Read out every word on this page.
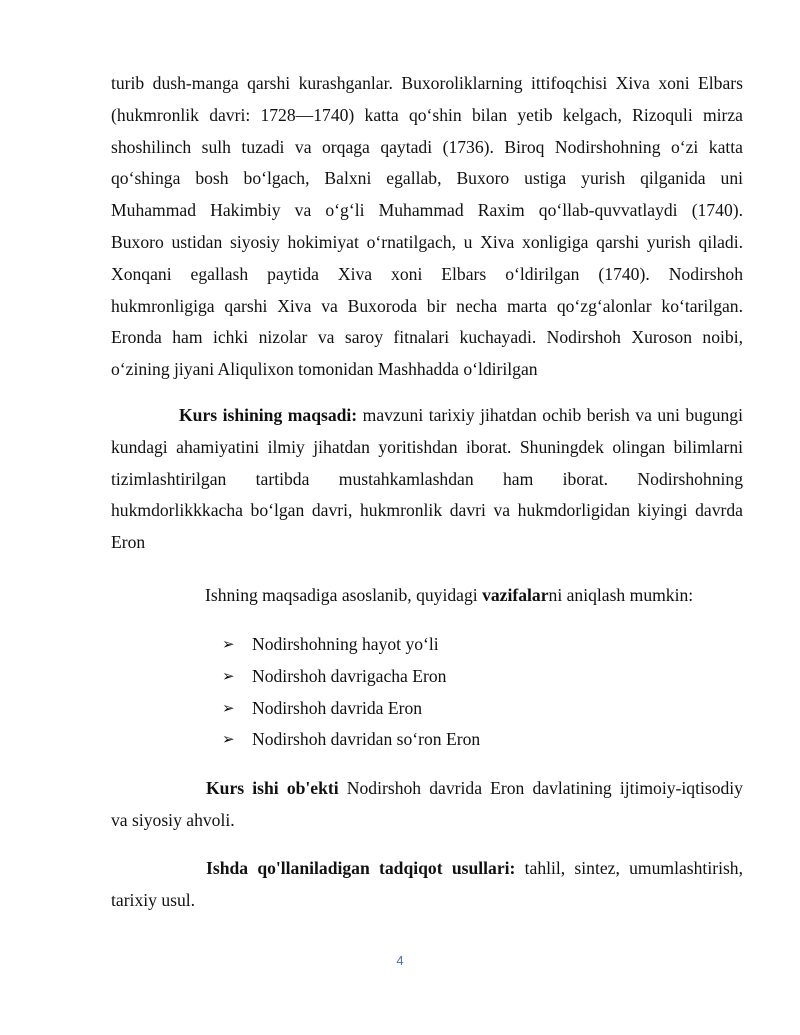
turib dush-manga qarshi kurashganlar. Buxoroliklarning ittifoqchisi Xiva xoni Elbars
(hukmronlik davri: 1728—1740) katta qo‘shin bilan yetib kelgach, Rizoquli mirza
shoshilinch sulh tuzadi va orqaga qaytadi (1736). Biroq Nodirshohning o‘zi katta
qo‘shinga bosh bo‘lgach, Balxni egallab, Buxoro ustiga yurish qilganida uni
Muhammad Hakimbiy va o‘g‘li Muhammad Raxim qo‘llab-quvvatlaydi (1740).
Buxoro ustidan siyosiy hokimiyat o‘rnatilgach, u Xiva xonligiga qarshi yurish qiladi.
Xonqani egallash paytida Xiva xoni Elbars o‘ldirilgan (1740). Nodirshoh
hukmronligiga qarshi Xiva va Buxoroda bir necha marta qo‘zg‘alonlar ko‘tarilgan.
Eronda ham ichki nizolar va saroy fitnalari kuchayadi. Nodirshoh Xuroson noibi,
o‘zining jiyani Aliqulixon tomonidan Mashhadda o‘ldirilgan
Kurs ishining maqsadi: mavzuni tarixiy jihatdan ochib berish va uni bugungi
kundagi ahamiyatini ilmiy jihatdan yoritishdan iborat. Shuningdek olingan bilimlarni
tizimlashtirilgan tartibda mustahkamlashdan ham iborat. Nodirshohning
hukmdorlikkkacha bo‘lgan davri, hukmronlik davri va hukmdorligidan kiyingi davrda
Eron
Ishning maqsadiga asoslanib, quyidagi vazifalarni aniqlash mumkin:
➢ Nodirshohning hayot yo‘li
➢ Nodirshoh davrigacha Eron
➢ Nodirshoh davrida Eron
➢ Nodirshoh davridan so‘ron Eron
Kurs ishi ob'ekti Nodirshoh davrida Eron davlatining ijtimoiy-iqtisodiy
va siyosiy ahvoli.
Ishda qo'llaniladigan tadqiqot usullari: tahlil, sintez, umumlashtirish,
tarixiy usul.
4
